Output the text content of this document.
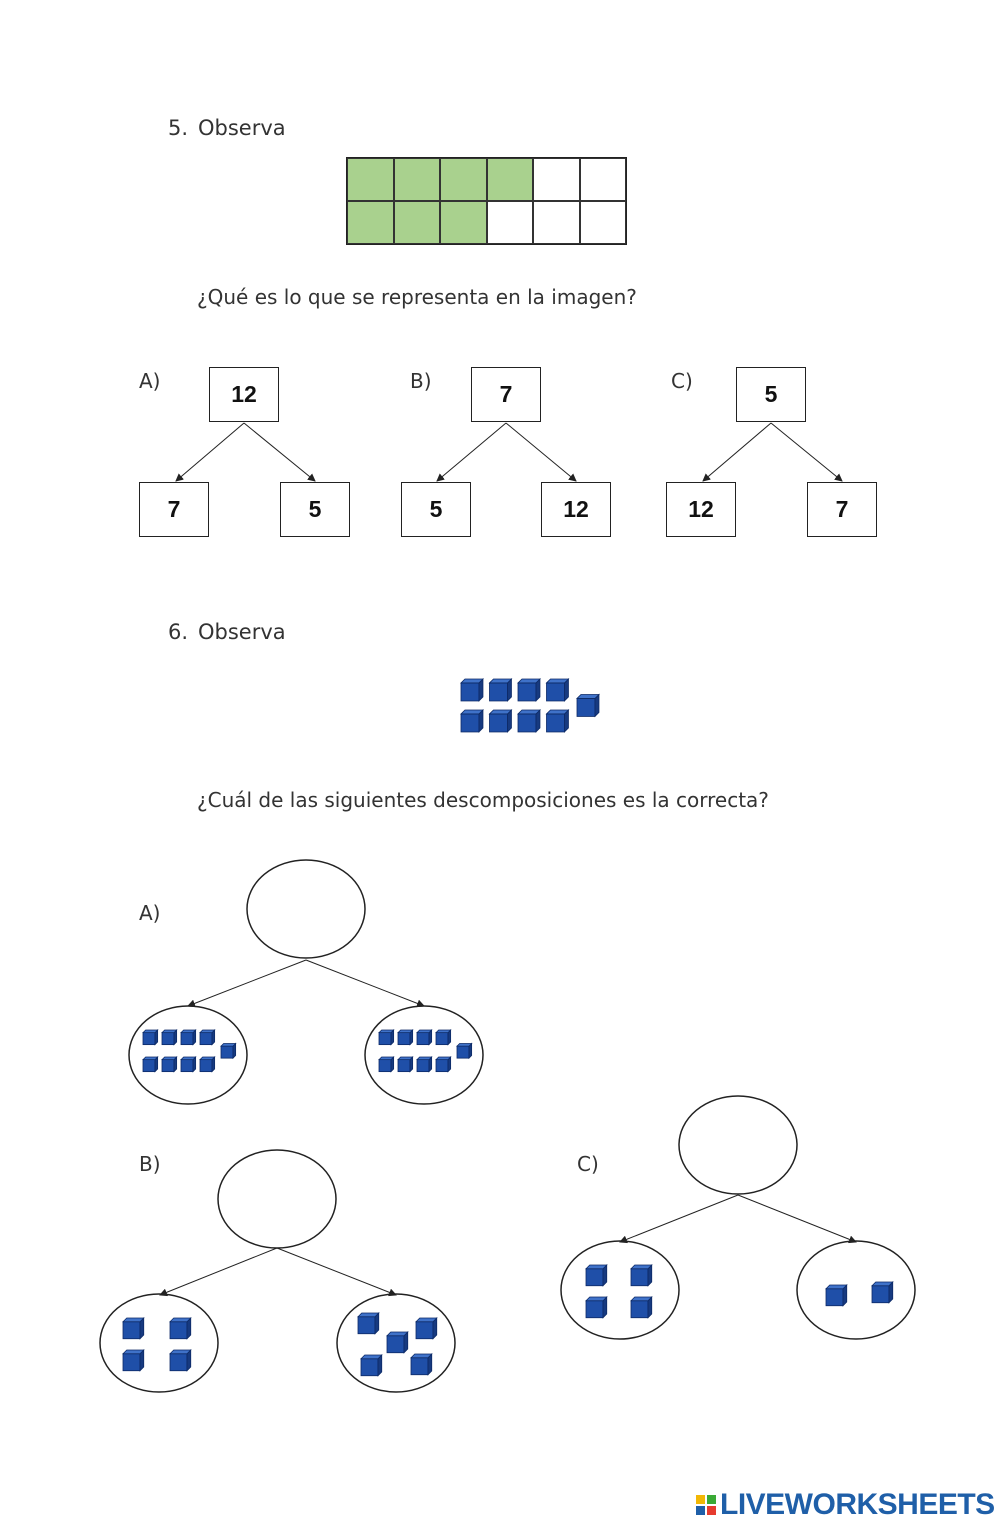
5. Observa
¿Qué es lo que se representa en la imagen?
A)	12
7	5
B)	7
5	12
C)	5
12	7
6. Observa
¿Cuál de las siguientes descomposiciones es la correcta?
A)
B)	C)
LIVEWORKSHEETS
